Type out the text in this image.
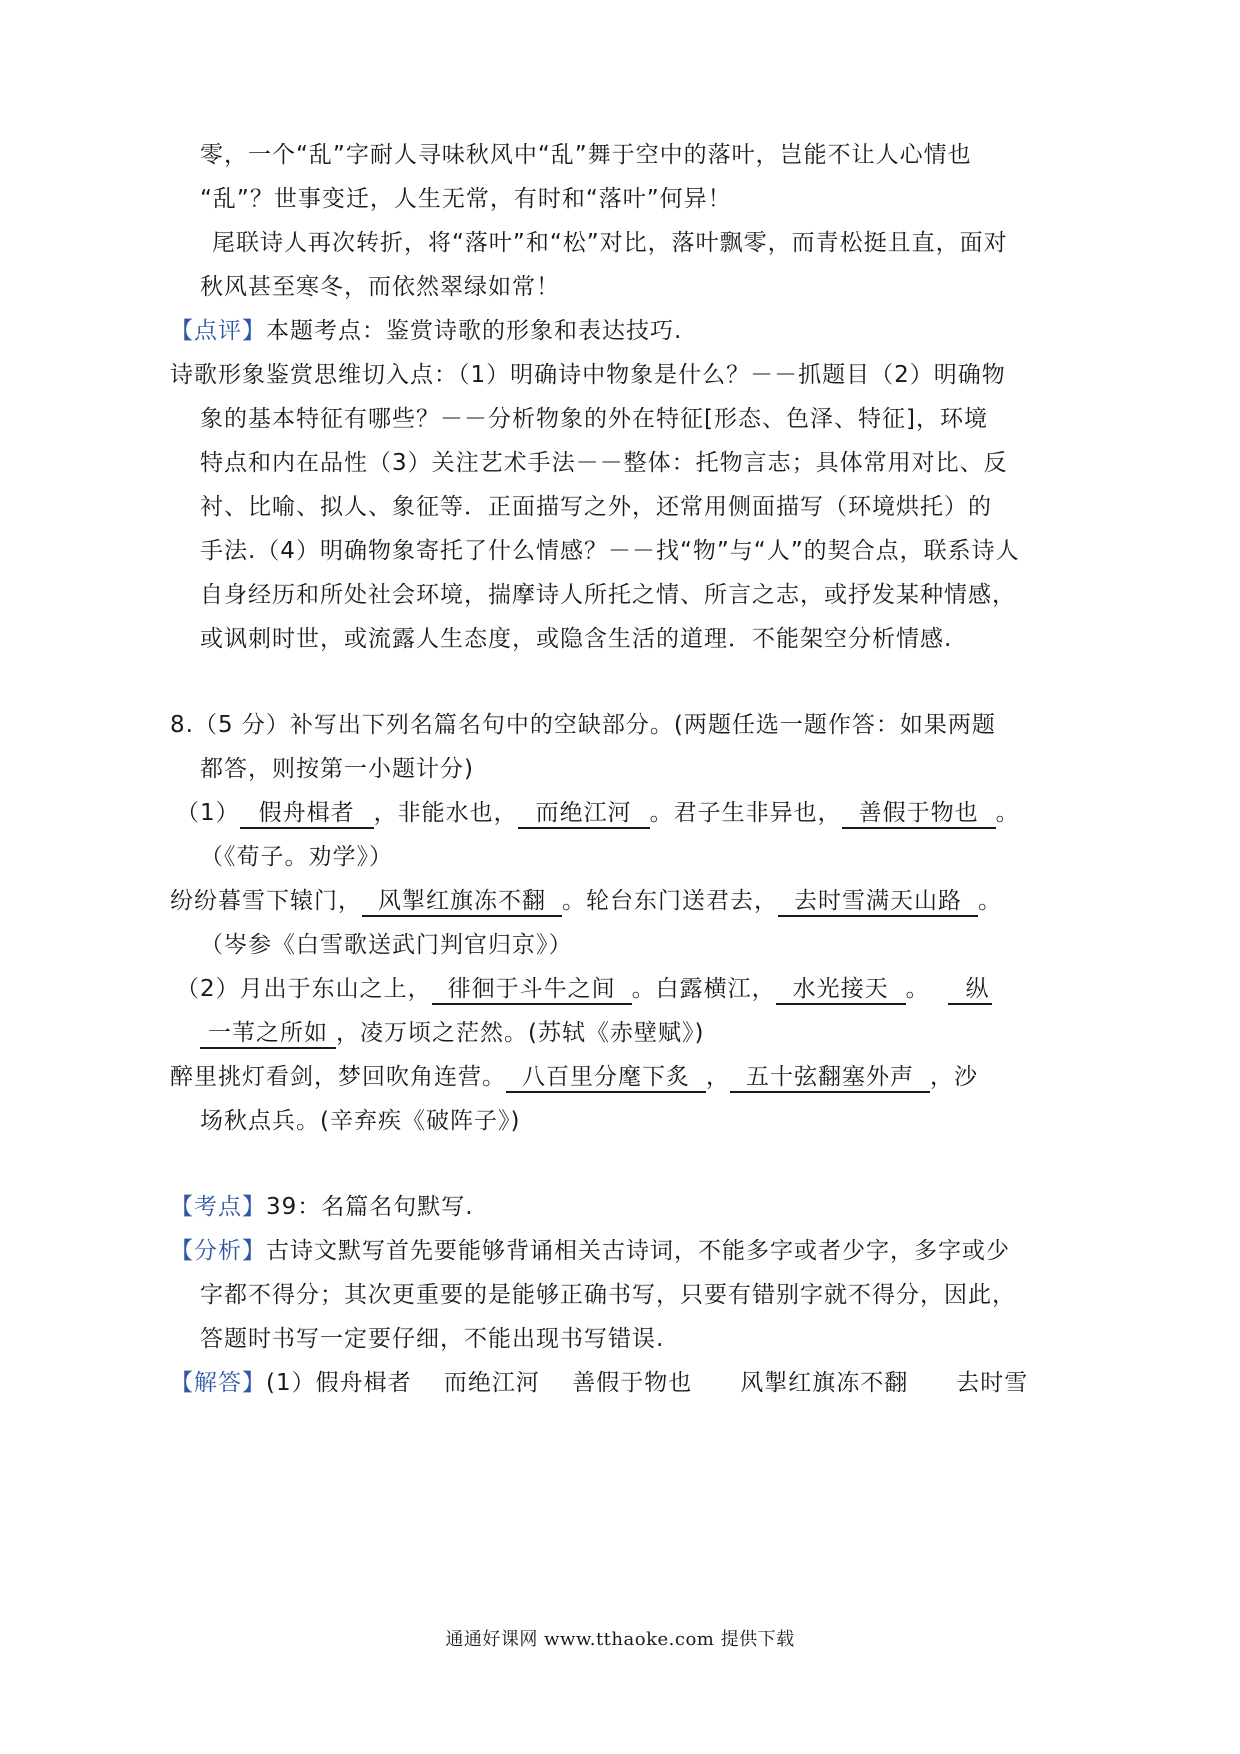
零，一个“乱”字耐人寻味秋风中“乱”舞于空中的落叶，岂能不让人心情也
“乱”？世事变迁，人生无常，有时和“落叶”何异！
尾联诗人再次转折，将“落叶”和“松”对比，落叶飘零，而青松挺且直，面对
秋风甚至寒冬，而依然翠绿如常！
【点评】本题考点：鉴赏诗歌的形象和表达技巧.
诗歌形象鉴赏思维切入点：（1）明确诗中物象是什么？－－抓题目（2）明确物
象的基本特征有哪些？－－分析物象的外在特征[形态、色泽、特征]，环境
特点和内在品性（3）关注艺术手法－－整体：托物言志；具体常用对比、反
衬、比喻、拟人、象征等．正面描写之外，还常用侧面描写（环境烘托）的
手法.（4）明确物象寄托了什么情感？－－找“物”与“人”的契合点，联系诗人
自身经历和所处社会环境，揣摩诗人所托之情、所言之志，或抒发某种情感，
或讽刺时世，或流露人生态度，或隐含生活的道理．不能架空分析情感.
8.（5 分）补写出下列名篇名句中的空缺部分。(两题任选一题作答：如果两题
都答，则按第一小题计分)
（1） 假舟楫者 ，非能水也， 而绝江河 。君子生非异也， 善假于物也 。
（《荀子。劝学》）
纷纷暮雪下辕门， 风掣红旗冻不翻 。轮台东门送君去， 去时雪满天山路 。
（岑参《白雪歌送武门判官归京》）
（2）月出于东山之上， 徘徊于斗牛之间 。白露横江， 水光接天 。 纵
一苇之所如 ，凌万顷之茫然。(苏轼《赤壁赋》)
醉里挑灯看剑，梦回吹角连营。 八百里分麾下炙 ， 五十弦翻塞外声 ，沙
场秋点兵。(辛弃疾《破阵子》)
【考点】39：名篇名句默写.
【分析】古诗文默写首先要能够背诵相关古诗词，不能多字或者少字，多字或少
字都不得分；其次更重要的是能够正确书写，只要有错别字就不得分，因此，
答题时书写一定要仔细，不能出现书写错误.
【解答】(1）假舟楫者　 而绝江河　 善假于物也　　风掣红旗冻不翻　　去时雪
通通好课网 www.tthaoke.com 提供下载
